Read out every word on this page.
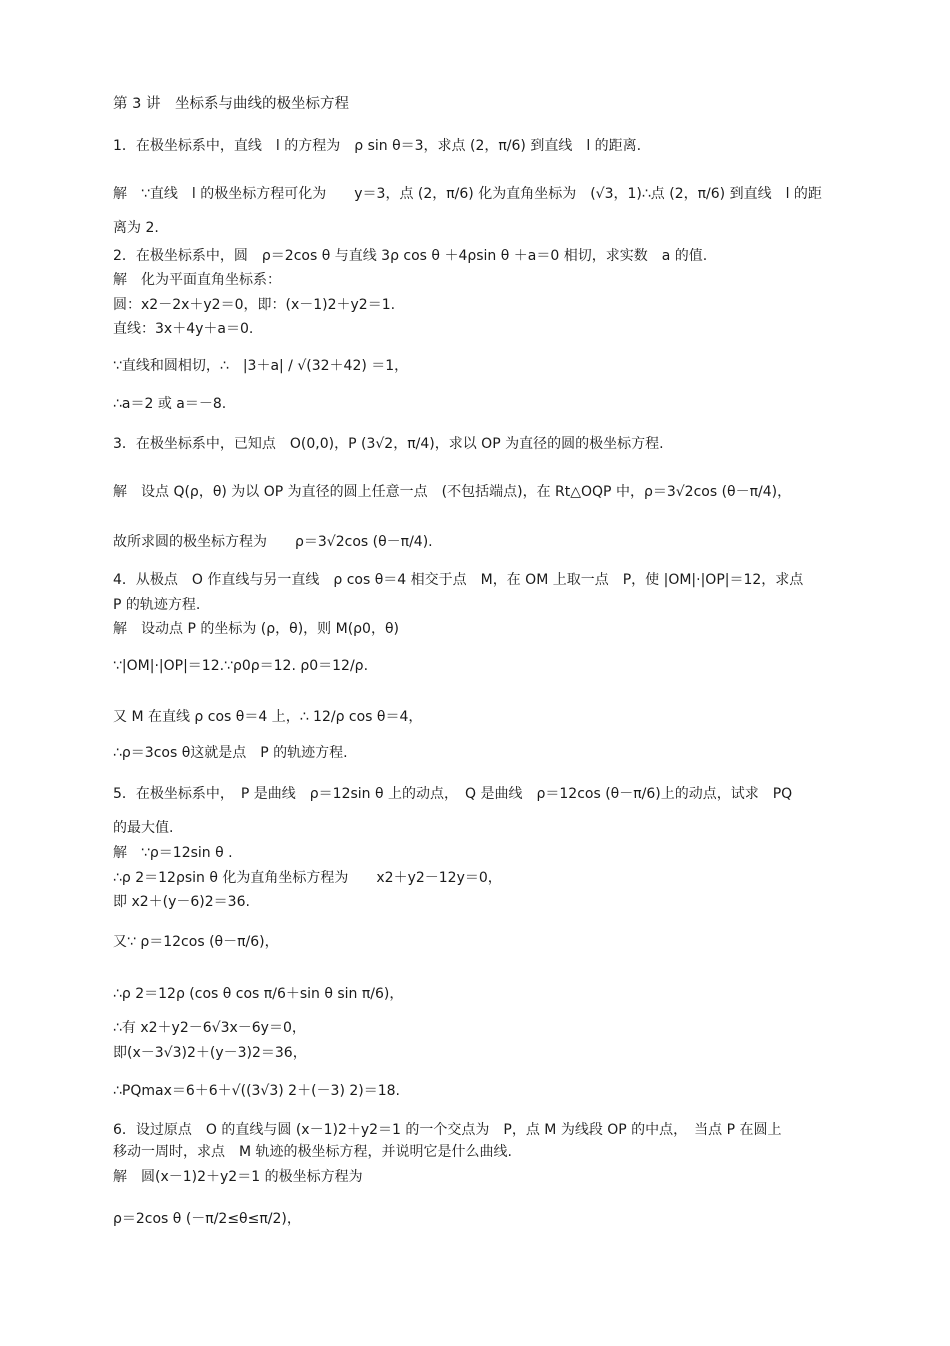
第 3 讲　坐标系与曲线的极坐标方程
1．在极坐标系中，直线　l 的方程为　ρ sin θ＝3，求点 (2，π/6) 到直线　l 的距离.
解　∵直线　l 的极坐标方程可化为　　y＝3，点 (2，π/6) 化为直角坐标为　(√3，1)∴点 (2，π/6) 到直线　l 的距
离为 2.
2．在极坐标系中，圆　ρ＝2cos θ 与直线 3ρ cos θ ＋4ρsin θ ＋a＝0 相切，求实数　a 的值.
解　化为平面直角坐标系：
圆：x2－2x＋y2＝0，即：(x－1)2＋y2＝1.
直线：3x＋4y＋a＝0.
∵直线和圆相切，∴　|3＋a| / √(32＋42) ＝1，
∴a＝2 或 a＝－8.
3．在极坐标系中，已知点　O(0,0)，P (3√2，π/4)，求以 OP 为直径的圆的极坐标方程.
解　设点 Q(ρ，θ) 为以 OP 为直径的圆上任意一点　(不包括端点)，在 Rt△OQP 中，ρ＝3√2cos (θ－π/4)，
故所求圆的极坐标方程为　　ρ＝3√2cos (θ－π/4).
4．从极点　O 作直线与另一直线　ρ cos θ＝4 相交于点　M，在 OM 上取一点　P，使 |OM|·|OP|＝12，求点
P 的轨迹方程.
解　设动点 P 的坐标为 (ρ，θ)，则 M(ρ0，θ)
∵|OM|·|OP|＝12.∵ρ0ρ＝12. ρ0＝12/ρ.
又 M 在直线 ρ cos θ＝4 上，∴ 12/ρ cos θ＝4，
∴ρ＝3cos θ这就是点　P 的轨迹方程.
5．在极坐标系中，　P 是曲线　ρ＝12sin θ 上的动点，　Q 是曲线　ρ＝12cos (θ－π/6)上的动点，试求　PQ
的最大值.
解　∵ρ＝12sin θ .
∴ρ 2＝12ρsin θ 化为直角坐标方程为　　x2＋y2－12y＝0，
即 x2＋(y－6)2＝36.
又∵ ρ＝12cos (θ－π/6)，
∴ρ 2＝12ρ (cos θ cos π/6＋sin θ sin π/6)，
∴有 x2＋y2－6√3x－6y＝0，
即(x－3√3)2＋(y－3)2＝36，
∴PQmax＝6＋6＋√((3√3) 2＋(－3) 2)＝18.
6．设过原点　O 的直线与圆 (x－1)2＋y2＝1 的一个交点为　P，点 M 为线段 OP 的中点，　当点 P 在圆上
移动一周时，求点　M 轨迹的极坐标方程，并说明它是什么曲线.
解　圆(x－1)2＋y2＝1 的极坐标方程为
ρ＝2cos θ (－π/2≤θ≤π/2)，
